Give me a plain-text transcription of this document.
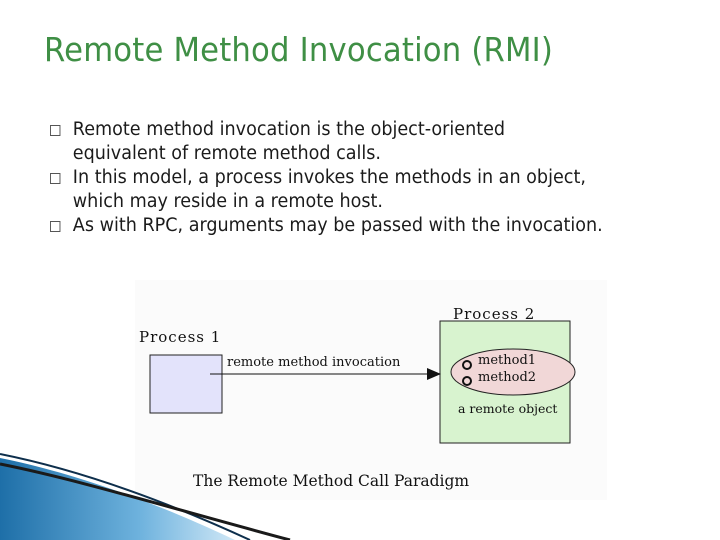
Remote Method Invocation (RMI)
Remote method invocation is the object-oriented
equivalent of remote method calls.
In this model, a process invokes the methods in an object,
which may reside in a remote host.
As with RPC, arguments may be passed with the invocation.
Process 1
Process 2
remote method invocation	method1
method2
a remote object
The Remote Method Call Paradigm
